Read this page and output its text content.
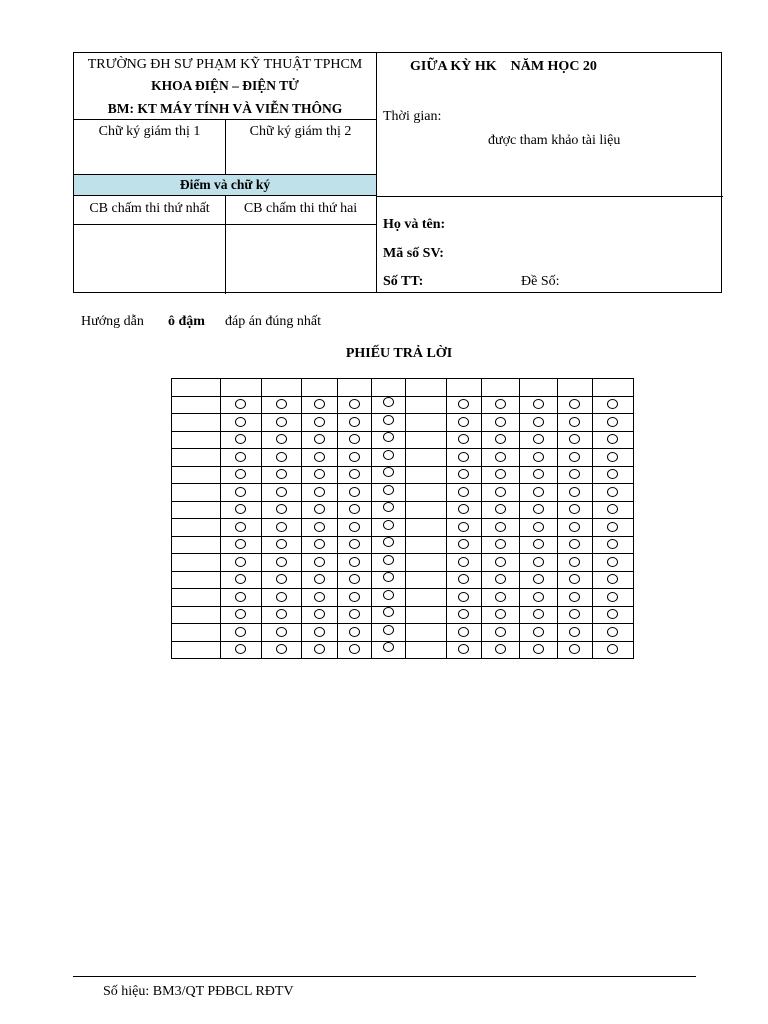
TRƯỜNG ĐH SƯ PHẠM KỸ THUẬT TPHCM
KHOA ĐIỆN – ĐIỆN TỬ
BM: KT MÁY TÍNH VÀ VIỄN THÔNG
Chữ ký giám thị 1	Chữ ký giám thị 2
Điểm và chữ ký
CB chấm thi thứ nhất	CB chấm thi thứ hai
GIỮA KỲ HK NĂM HỌC 20
Thời gian:
được tham khảo tài liệu
Họ và tên:
Mã số SV:
Số TT:	Đề Số:
Hướng dẫn ô đậm đáp án đúng nhất
PHIẾU TRẢ LỜI
Số hiệu: BM3/QT PĐBCL RĐTV
